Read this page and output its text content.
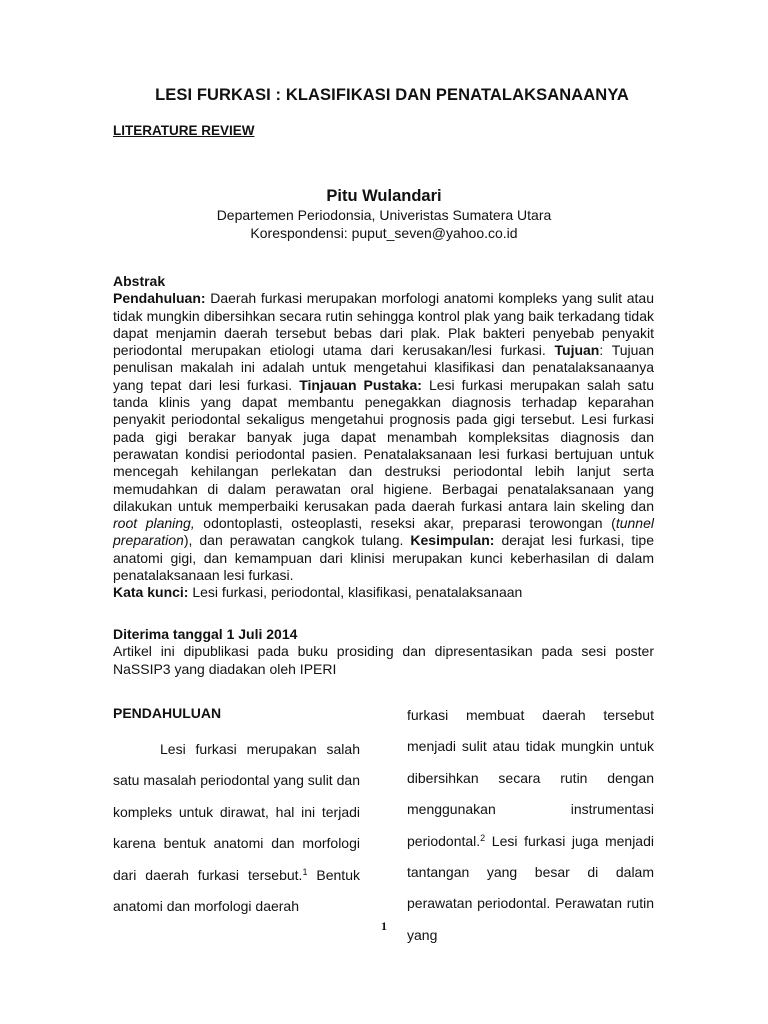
LESI FURKASI : KLASIFIKASI DAN PENATALAKSANAANYA
LITERATURE REVIEW
Pitu Wulandari
Departemen Periodonsia, Univeristas Sumatera Utara
Korespondensi: puput_seven@yahoo.co.id

Abstrak

Pendahuluan: Daerah furkasi merupakan morfologi anatomi kompleks yang sulit atau tidak mungkin dibersihkan secara rutin sehingga kontrol plak yang baik terkadang tidak dapat menjamin daerah tersebut bebas dari plak. Plak bakteri penyebab penyakit periodontal merupakan etiologi utama dari kerusakan/lesi furkasi. Tujuan: Tujuan penulisan makalah ini adalah untuk mengetahui klasifikasi dan penatalaksanaanya yang tepat dari lesi furkasi. Tinjauan Pustaka: Lesi furkasi merupakan salah satu tanda klinis yang dapat membantu penegakkan diagnosis terhadap keparahan penyakit periodontal sekaligus mengetahui prognosis pada gigi tersebut. Lesi furkasi pada gigi berakar banyak juga dapat menambah kompleksitas diagnosis dan perawatan kondisi periodontal pasien. Penatalaksanaan lesi furkasi bertujuan untuk mencegah kehilangan perlekatan dan destruksi periodontal lebih lanjut serta memudahkan di dalam perawatan oral higiene. Berbagai penatalaksanaan yang dilakukan untuk memperbaiki kerusakan pada daerah furkasi antara lain skeling dan root planing, odontoplasti, osteoplasti, reseksi akar, preparasi terowongan (tunnel preparation), dan perawatan cangkok tulang. Kesimpulan: derajat lesi furkasi, tipe anatomi gigi, dan kemampuan dari klinisi merupakan kunci keberhasilan di dalam penatalaksanaan lesi furkasi.

Kata kunci: Lesi furkasi, periodontal, klasifikasi, penatalaksanaan

Diterima tanggal 1 Juli 2014

Artikel ini dipublikasi pada buku prosiding dan dipresentasikan pada sesi poster NaSSIP3 yang diadakan oleh IPERI

PENDAHULUAN

Lesi furkasi merupakan salah satu masalah periodontal yang sulit dan kompleks untuk dirawat, hal ini terjadi karena bentuk anatomi dan morfologi dari daerah furkasi tersebut.$^1$ Bentuk anatomi dan morfologi daerah

furkasi membuat daerah tersebut menjadi sulit atau tidak mungkin untuk dibersihkan secara rutin dengan menggunakan instrumentasi periodontal.$^2$ Lesi furkasi juga menjadi tantangan yang besar di dalam perawatan periodontal. Perawatan rutin yang

1
